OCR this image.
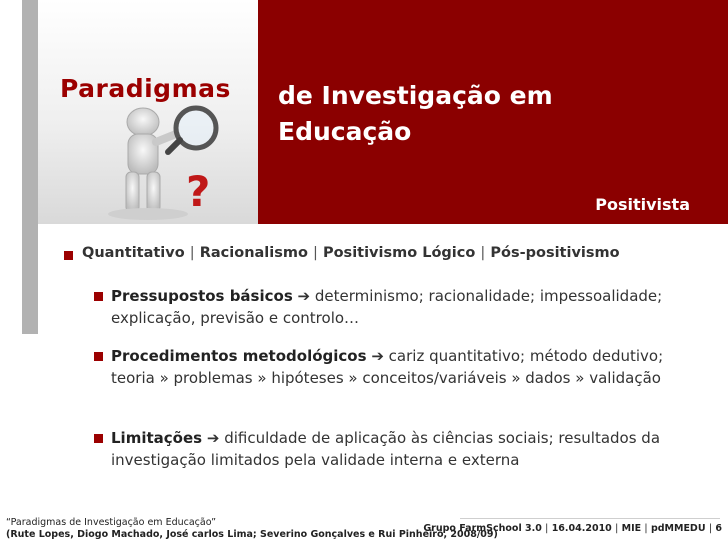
?
Paradigmas de Investigação em Educação
Positivista
Quantitativo | Racionalismo | Positivismo Lógico | Pós-positivismo
Pressupostos básicos ➔ determinismo; racionalidade; impessoalidade; explicação, previsão e controlo…
Procedimentos metodológicos ➔ cariz quantitativo; método dedutivo; teoria » problemas » hipóteses » conceitos/variáveis » dados » validação
Limitações ➔ dificuldade de aplicação às ciências sociais; resultados da investigação limitados pela validade interna e externa
“Paradigmas de Investigação em Educação”
(Rute Lopes, Diogo Machado, José carlos Lima; Severino Gonçalves e Rui Pinheiro, 2008/09)
Grupo FarmSchool 3.0 | 16.04.2010 | MIE | pdMMEDU | 6
